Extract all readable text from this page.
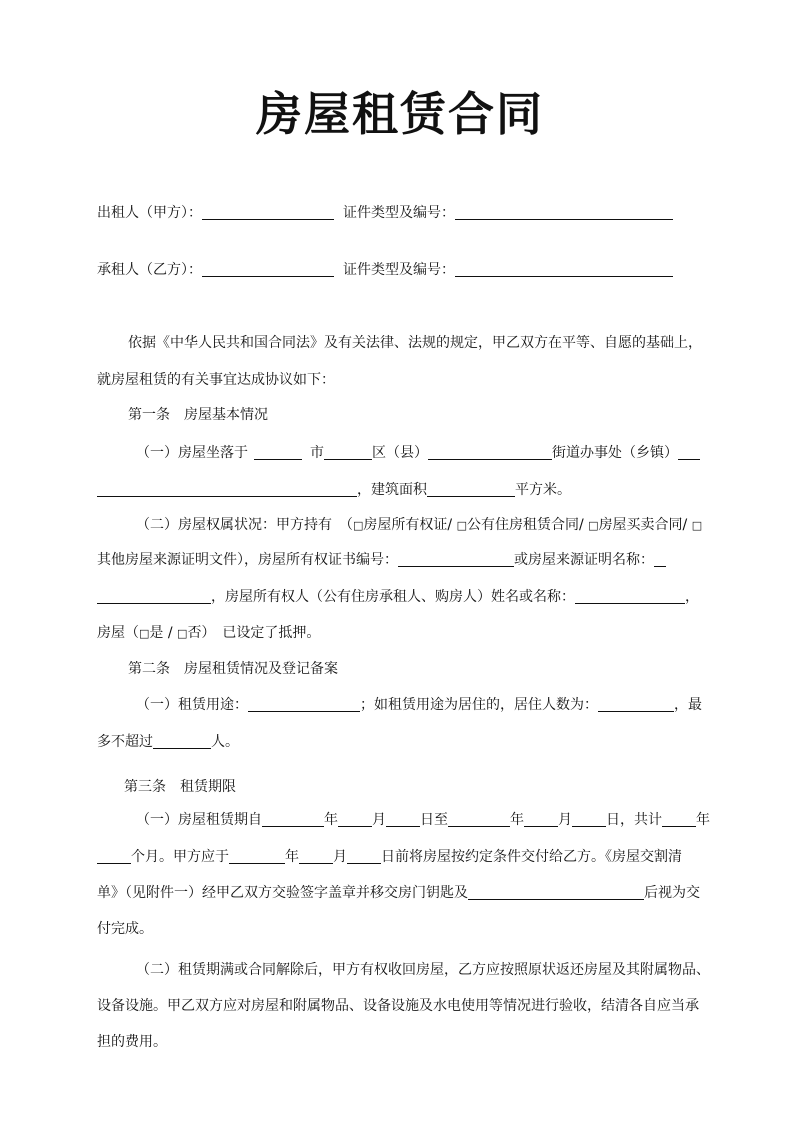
房屋租赁合同
出租人（甲方）：	证件类型及编号：
承租人（乙方）：	证件类型及编号：
依据《中华人民共和国合同法》及有关法律、法规的规定，甲乙双方在平等、自愿的基础上，
就房屋租赁的有关事宜达成协议如下：
第一条　房屋基本情况
（一）房屋坐落于	市	区（县）	街道办事处（乡镇）
，建筑面积	平方米。
（二）房屋权属状况：甲方持有　（□房屋所有权证/ □公有住房租赁合同/ □房屋买卖合同/ □
其他房屋来源证明文件），房屋所有权证书编号：	或房屋来源证明名称：
，房屋所有权人（公有住房承租人、购房人）姓名或名称：	，
房屋（□是 / □否）　已设定了抵押。
第二条　房屋租赁情况及登记备案
（一）租赁用途：	；如租赁用途为居住的，居住人数为：	，最
多不超过	人。
第三条　租赁期限
（一）房屋租赁期自	年 月 日至	年 月 日，共计 年
个月。甲方应于	年 月 日前将房屋按约定条件交付给乙方。《房屋交割清
单》（见附件一）经甲乙双方交验签字盖章并移交房门钥匙及	后视为交
付完成。
（二）租赁期满或合同解除后，甲方有权收回房屋，乙方应按照原状返还房屋及其附属物品、
设备设施。甲乙双方应对房屋和附属物品、设备设施及水电使用等情况进行验收，结清各自应当承
担的费用。
